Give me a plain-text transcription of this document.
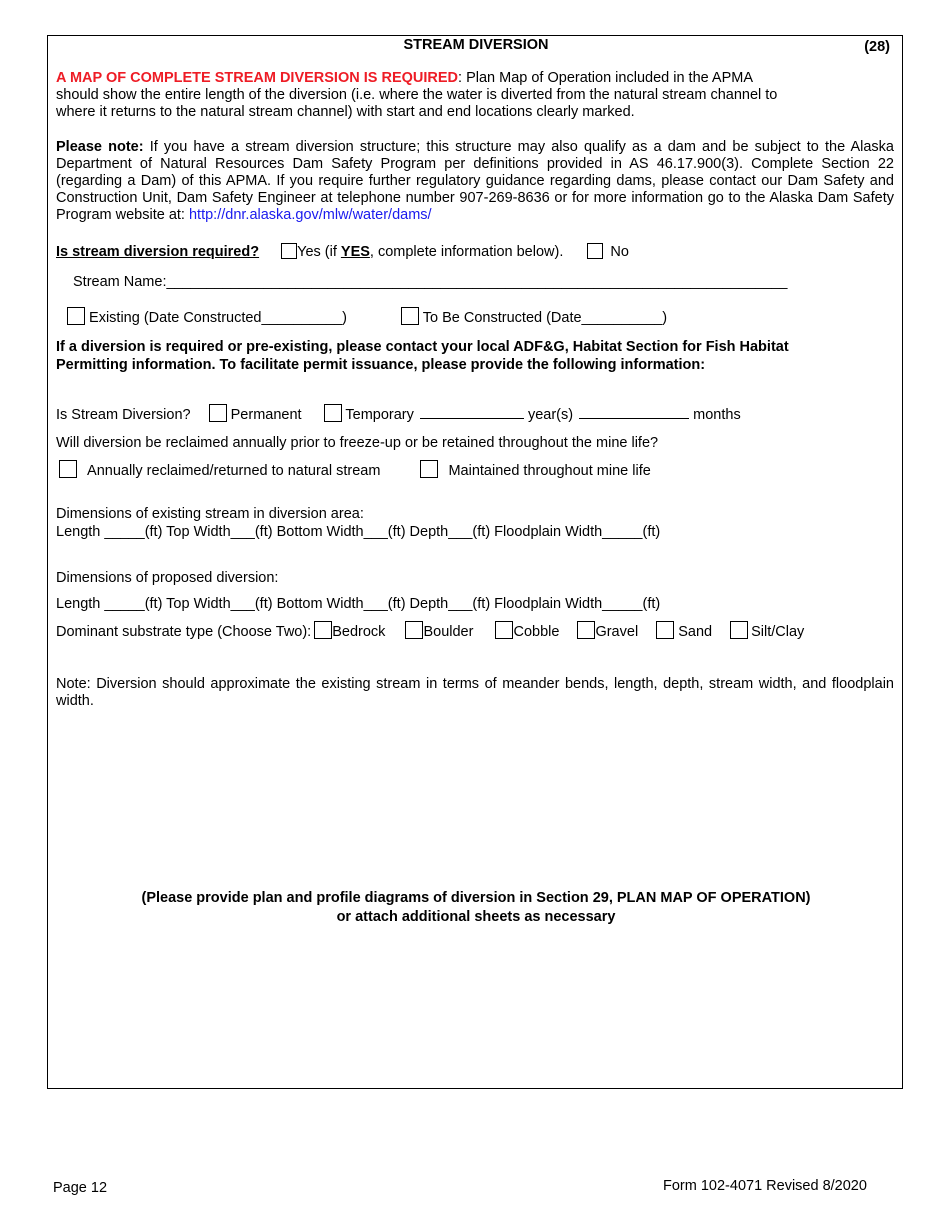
STREAM DIVERSION	(28)
A MAP OF COMPLETE STREAM DIVERSION IS REQUIRED: Plan Map of Operation included in the APMA
should show the entire length of the diversion (i.e. where the water is diverted from the natural stream channel to
where it returns to the natural stream channel) with start and end locations clearly marked.
Please note: If you have a stream diversion structure; this structure may also qualify as a dam and be subject to the Alaska Department of Natural Resources Dam Safety Program per definitions provided in AS 46.17.900(3). Complete Section 22 (regarding a Dam) of this APMA. If you require further regulatory guidance regarding dams, please contact our Dam Safety and Construction Unit, Dam Safety Engineer at telephone number 907-269-8636 or for more information go to the Alaska Dam Safety Program website at: http://dnr.alaska.gov/mlw/water/dams/
Is stream diversion required?	Yes (if YES, complete information below).	No
Stream Name:_____________________________________________________________________________
Existing (Date Constructed__________)	To Be Constructed (Date__________)
If a diversion is required or pre-existing, please contact your local ADF&G, Habitat Section for Fish Habitat
Permitting information. To facilitate permit issuance, please provide the following information:
Is Stream Diversion?	Permanent	Temporary	year(s)	months
Will diversion be reclaimed annually prior to freeze-up or be retained throughout the mine life?
Annually reclaimed/returned to natural stream	Maintained throughout mine life
Dimensions of existing stream in diversion area:
Length _____(ft) Top Width___(ft) Bottom Width___(ft) Depth___(ft) Floodplain Width_____(ft)
Dimensions of proposed diversion:
Length _____(ft) Top Width___(ft) Bottom Width___(ft) Depth___(ft) Floodplain Width_____(ft)
Dominant substrate type (Choose Two): Bedrock	Boulder	Cobble Gravel	Sand	Silt/Clay
Note: Diversion should approximate the existing stream in terms of meander bends, length, depth, stream width, and floodplain width.
(Please provide plan and profile diagrams of diversion in Section 29, PLAN MAP OF OPERATION)
or attach additional sheets as necessary
Page 12	Form 102-4071 Revised 8/2020
